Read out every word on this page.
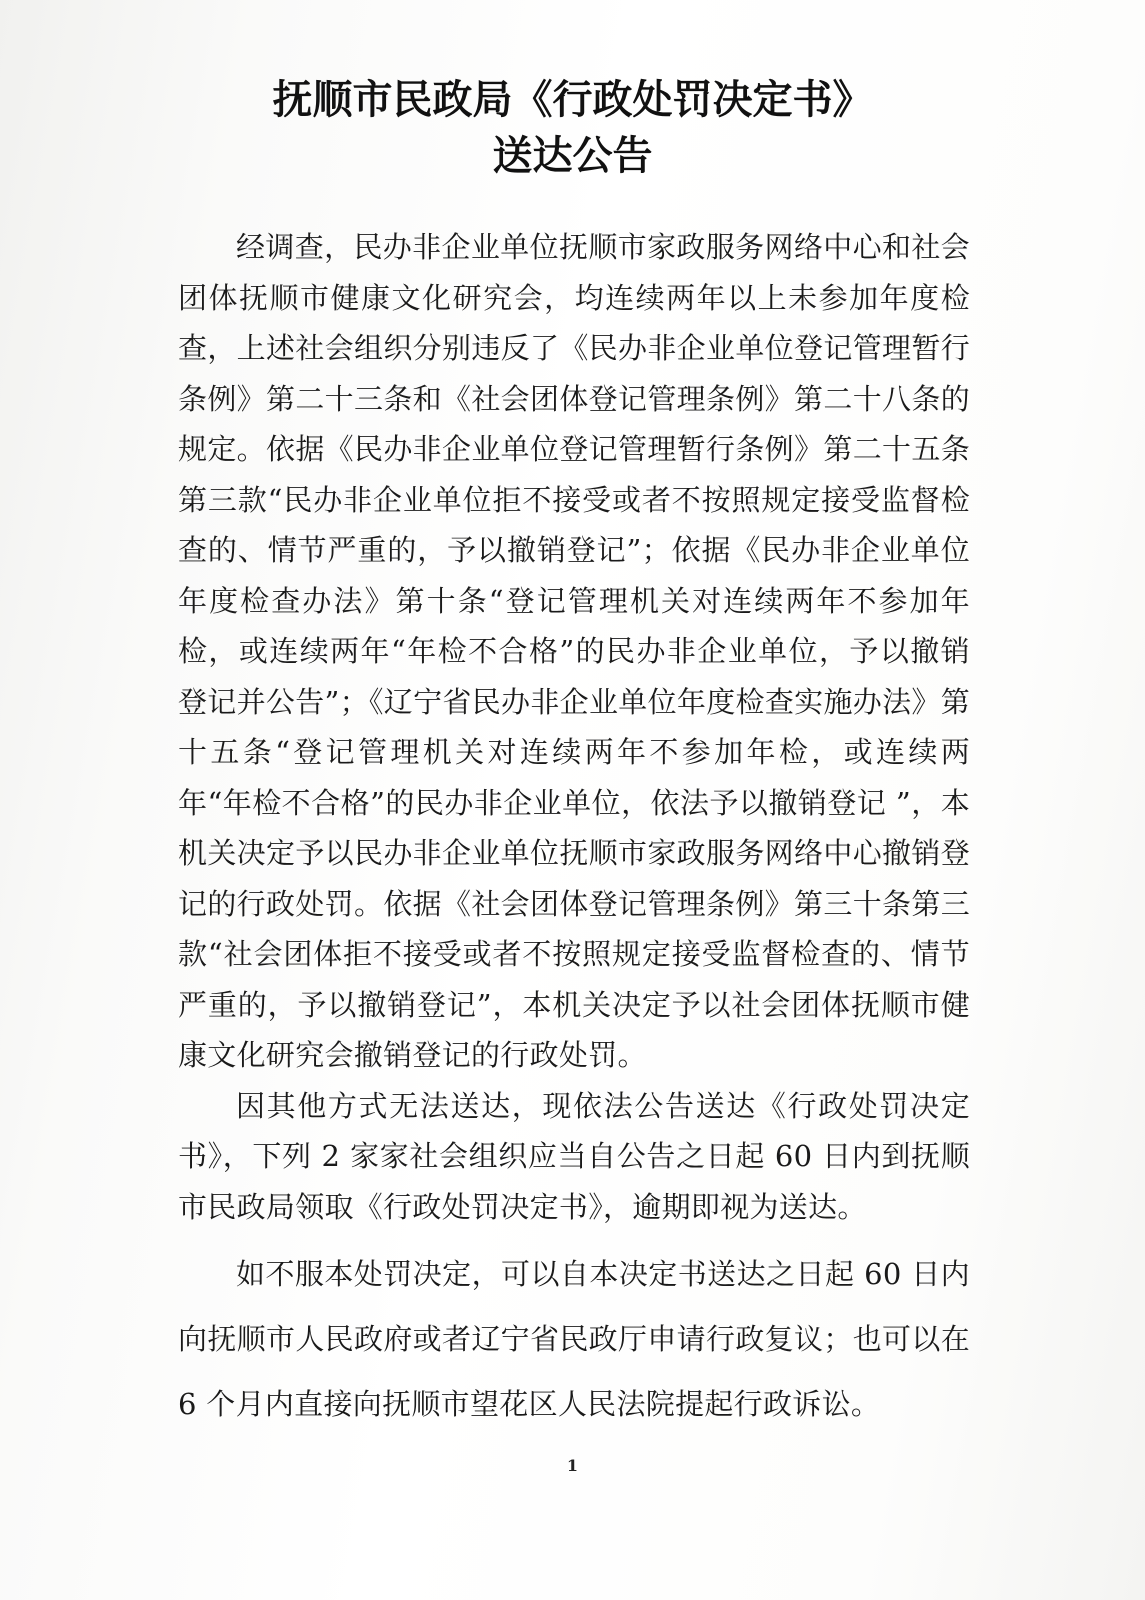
抚顺市民政局《行政处罚决定书》
送达公告

经调查，民办非企业单位抚顺市家政服务网络中心和社会团体抚顺市健康文化研究会，均连续两年以上未参加年度检查，上述社会组织分别违反了《民办非企业单位登记管理暂行条例》第二十三条和《社会团体登记管理条例》第二十八条的规定。依据《民办非企业单位登记管理暂行条例》第二十五条第三款“民办非企业单位拒不接受或者不按照规定接受监督检查的、情节严重的，予以撤销登记”；依据《民办非企业单位年度检查办法》第十条“登记管理机关对连续两年不参加年检，或连续两年“年检不合格”的民办非企业单位，予以撤销登记并公告”；《辽宁省民办非企业单位年度检查实施办法》第十五条“登记管理机关对连续两年不参加年检，或连续两年“年检不合格”的民办非企业单位，依法予以撤销登记 ”，本机关决定予以民办非企业单位抚顺市家政服务网络中心撤销登记的行政处罚。依据《社会团体登记管理条例》第三十条第三款“社会团体拒不接受或者不按照规定接受监督检查的、情节严重的，予以撤销登记”，本机关决定予以社会团体抚顺市健康文化研究会撤销登记的行政处罚。

因其他方式无法送达，现依法公告送达《行政处罚决定书》，下列 2 家家社会组织应当自公告之日起 60 日内到抚顺市民政局领取《行政处罚决定书》，逾期即视为送达。

如不服本处罚决定，可以自本决定书送达之日起 60 日内向抚顺市人民政府或者辽宁省民政厅申请行政复议；也可以在 6 个月内直接向抚顺市望花区人民法院提起行政诉讼。

1
